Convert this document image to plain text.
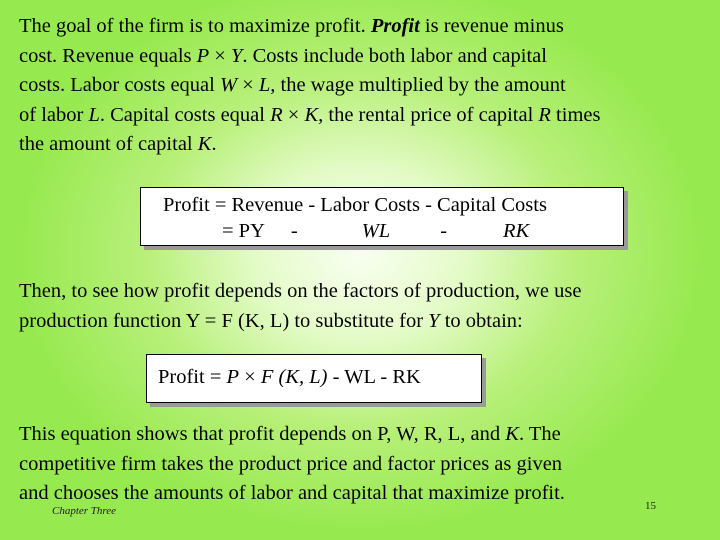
The goal of the firm is to maximize profit. Profit is revenue minus
cost. Revenue equals P × Y. Costs include both labor and capital
costs. Labor costs equal W × L, the wage multiplied by the amount
of labor L. Capital costs equal R × K, the rental price of capital R times
the amount of capital K.

Profit = Revenue - Labor Costs - Capital Costs
= PY -	WL -	RK

Then, to see how profit depends on the factors of production, we use
production function Y = F (K, L) to substitute for Y to obtain:

Profit = P × F (K, L) - WL - RK

This equation shows that profit depends on P, W, R, L, and K. The
competitive firm takes the product price and factor prices as given
and chooses the amounts of labor and capital that maximize profit.

Chapter Three	15
